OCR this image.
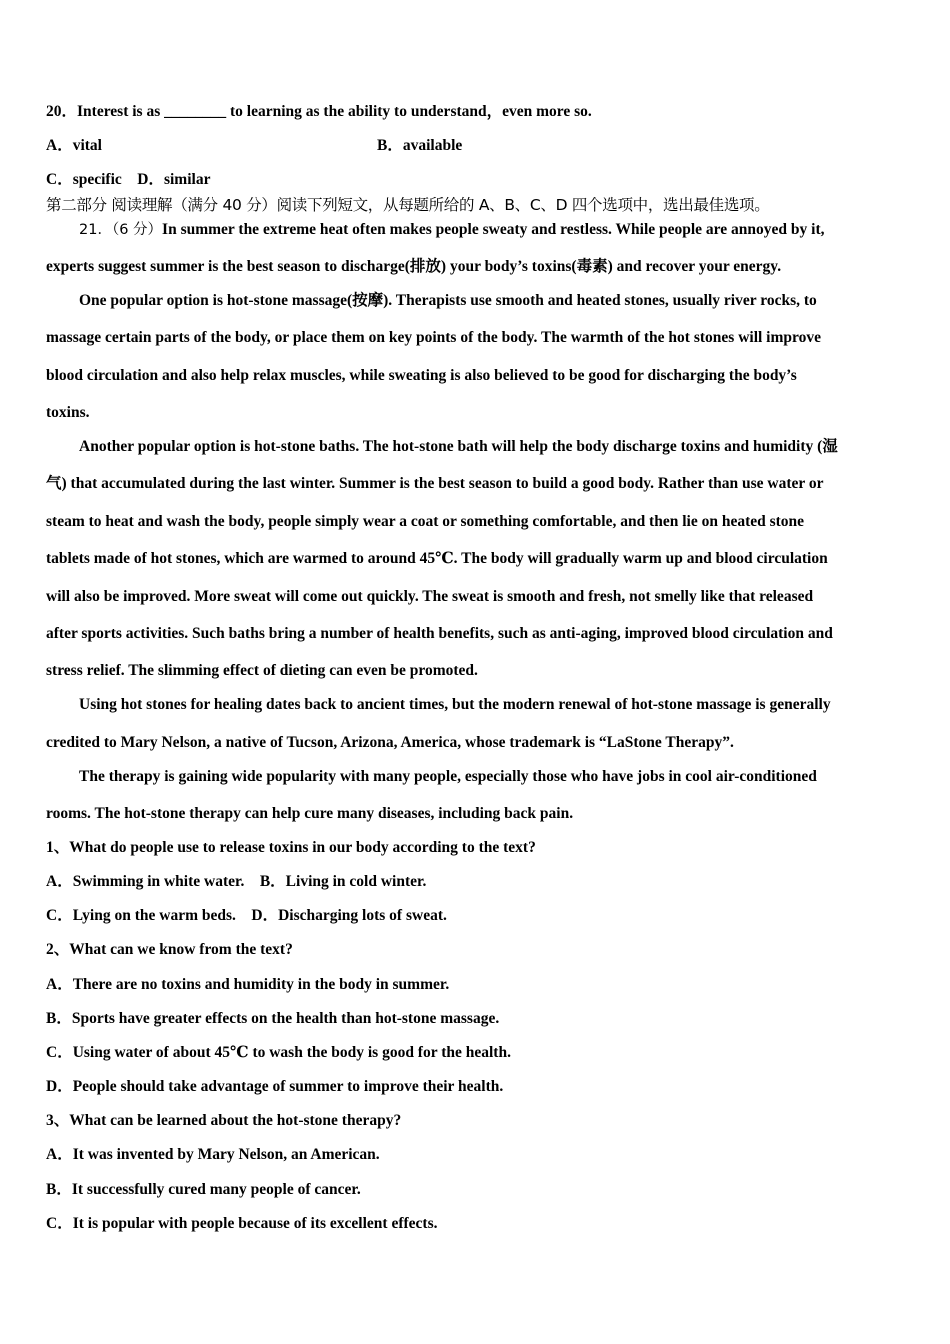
20．Interest is as ________ to learning as the ability to understand，even more so.
A．vital	B．available
C．specific    D．similar
第二部分 阅读理解（满分 40 分）阅读下列短文，从每题所给的 A、B、C、D 四个选项中，选出最佳选项。
21．（6 分）In summer the extreme heat often makes people sweaty and restless. While people are annoyed by it,
experts suggest summer is the best season to discharge(排放) your body’s toxins(毒素) and recover your energy.
One popular option is hot-stone massage(按摩). Therapists use smooth and heated stones, usually river rocks, to
massage certain parts of the body, or place them on key points of the body. The warmth of the hot stones will improve
blood circulation and also help relax muscles, while sweating is also believed to be good for discharging the body’s
toxins.
Another popular option is hot-stone baths. The hot-stone bath will help the body discharge toxins and humidity (湿
气) that accumulated during the last winter. Summer is the best season to build a good body. Rather than use water or
steam to heat and wash the body, people simply wear a coat or something comfortable, and then lie on heated stone
tablets made of hot stones, which are warmed to around 45℃. The body will gradually warm up and blood circulation
will also be improved. More sweat will come out quickly. The sweat is smooth and fresh, not smelly like that released
after sports activities. Such baths bring a number of health benefits, such as anti-aging, improved blood circulation and
stress relief. The slimming effect of dieting can even be promoted.
Using hot stones for healing dates back to ancient times, but the modern renewal of hot-stone massage is generally
credited to Mary Nelson, a native of Tucson, Arizona, America, whose trademark is “LaStone Therapy”.
The therapy is gaining wide popularity with many people, especially those who have jobs in cool air-conditioned
rooms. The hot-stone therapy can help cure many diseases, including back pain.
1、What do people use to release toxins in our body according to the text?
A．Swimming in white water.    B．Living in cold winter.
C．Lying on the warm beds.    D．Discharging lots of sweat.
2、What can we know from the text?
A．There are no toxins and humidity in the body in summer.
B．Sports have greater effects on the health than hot-stone massage.
C．Using water of about 45℃ to wash the body is good for the health.
D．People should take advantage of summer to improve their health.
3、What can be learned about the hot-stone therapy?
A．It was invented by Mary Nelson, an American.
B．It successfully cured many people of cancer.
C．It is popular with people because of its excellent effects.
